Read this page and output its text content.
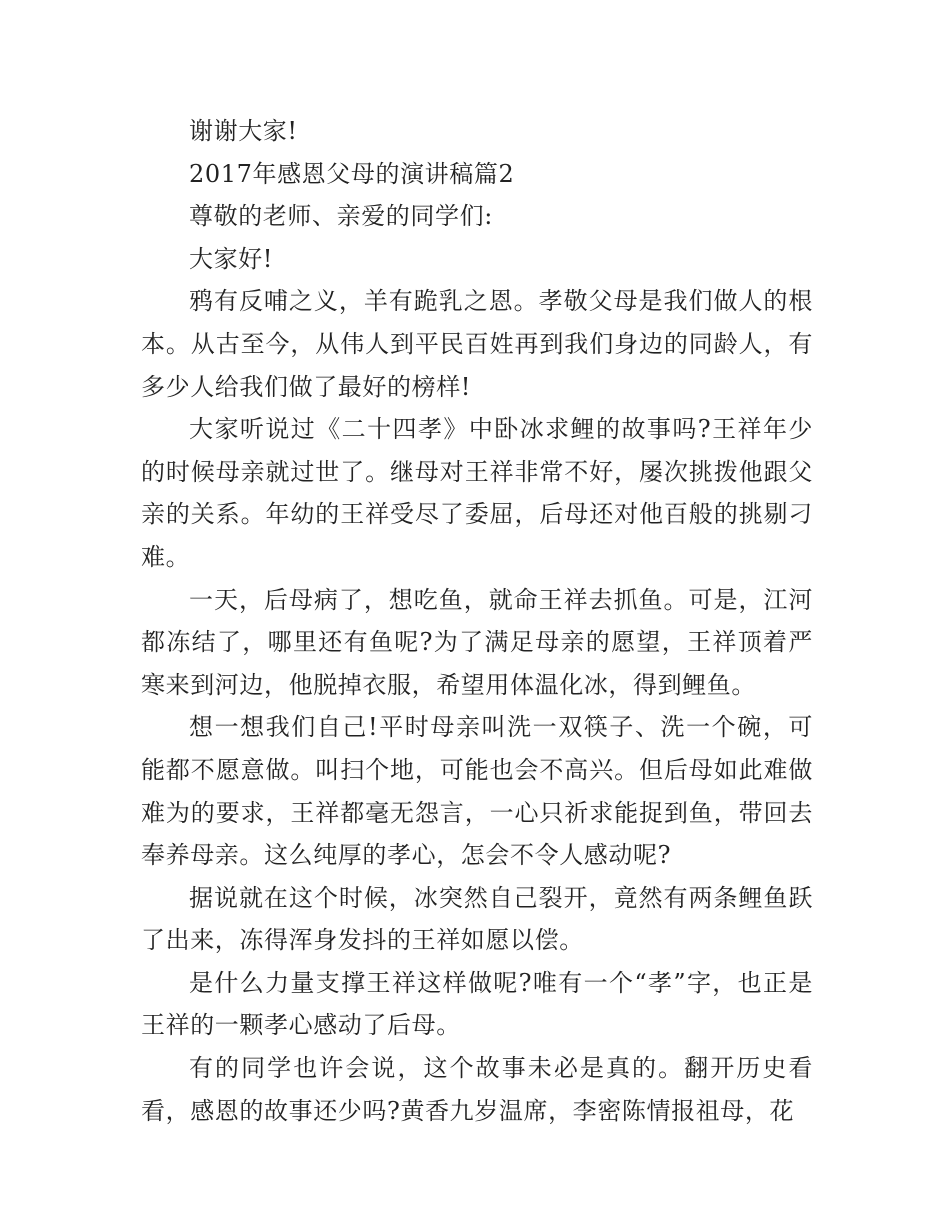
谢谢大家!

2017年感恩父母的演讲稿篇2

尊敬的老师、亲爱的同学们:

大家好!

鸦有反哺之义，羊有跪乳之恩。孝敬父母是我们做人的根本。从古至今，从伟人到平民百姓再到我们身边的同龄人，有多少人给我们做了最好的榜样!

大家听说过《二十四孝》中卧冰求鲤的故事吗?王祥年少的时候母亲就过世了。继母对王祥非常不好，屡次挑拨他跟父亲的关系。年幼的王祥受尽了委屈，后母还对他百般的挑剔刁难。

一天，后母病了，想吃鱼，就命王祥去抓鱼。可是，江河都冻结了，哪里还有鱼呢?为了满足母亲的愿望，王祥顶着严寒来到河边，他脱掉衣服，希望用体温化冰，得到鲤鱼。

想一想我们自己!平时母亲叫洗一双筷子、洗一个碗，可能都不愿意做。叫扫个地，可能也会不高兴。但后母如此难做难为的要求，王祥都毫无怨言，一心只祈求能捉到鱼，带回去奉养母亲。这么纯厚的孝心，怎会不令人感动呢?

据说就在这个时候，冰突然自己裂开，竟然有两条鲤鱼跃了出来，冻得浑身发抖的王祥如愿以偿。

是什么力量支撑王祥这样做呢?唯有一个“孝”字，也正是王祥的一颗孝心感动了后母。

有的同学也许会说，这个故事未必是真的。翻开历史看看，感恩的故事还少吗?黄香九岁温席，李密陈情报祖母，花
